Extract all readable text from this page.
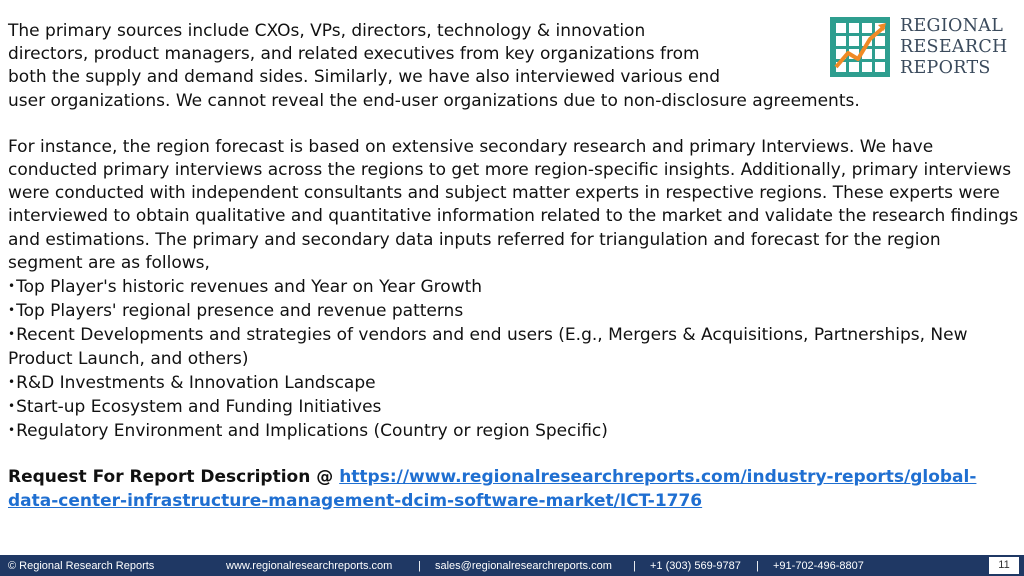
REGIONAL
RESEARCH
REPORTS
The primary sources include CXOs, VPs, directors, technology & innovation
directors, product managers, and related executives from key organizations from
both the supply and demand sides. Similarly, we have also interviewed various end
user organizations. We cannot reveal the end-user organizations due to non-disclosure agreements.

For instance, the region forecast is based on extensive secondary research and primary Interviews. We have conducted primary interviews across the regions to get more region-specific insights. Additionally, primary interviews were conducted with independent consultants and subject matter experts in respective regions. These experts were interviewed to obtain qualitative and quantitative information related to the market and validate the research findings and estimations. The primary and secondary data inputs referred for triangulation and forecast for the region segment are as follows,

•Top Player's historic revenues and Year on Year Growth
•Top Players' regional presence and revenue patterns
•Recent Developments and strategies of vendors and end users (E.g., Mergers & Acquisitions, Partnerships, New Product Launch, and others)
•R&D Investments & Innovation Landscape
•Start-up Ecosystem and Funding Initiatives
•Regulatory Environment and Implications (Country or region Specific)

Request For Report Description @ https://www.regionalresearchreports.com/industry-reports/global-data-center-infrastructure-management-dcim-software-market/ICT-1776

© Regional Research Reports	www.regionalresearchreports.com | sales@regionalresearchreports.com | +1 (303) 569-9787 | +91-702-496-8807	11
